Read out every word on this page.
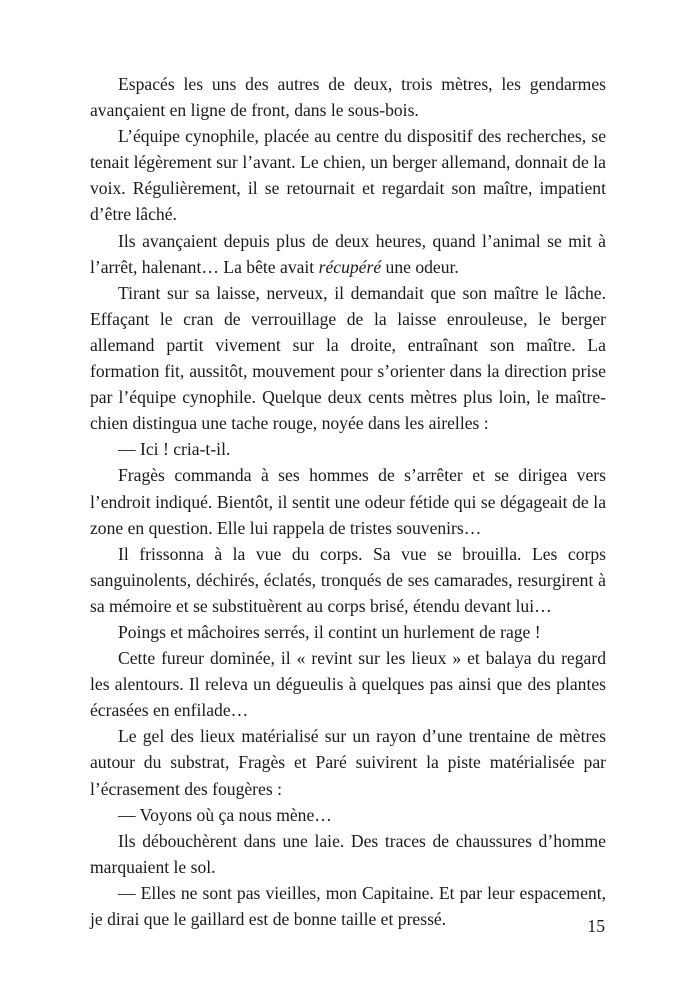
Espacés les uns des autres de deux, trois mètres, les gendarmes avançaient en ligne de front, dans le sous-bois.

L’équipe cynophile, placée au centre du dispositif des recherches, se tenait légèrement sur l’avant. Le chien, un berger allemand, donnait de la voix. Régulièrement, il se retournait et regardait son maître, impatient d’être lâché.

Ils avançaient depuis plus de deux heures, quand l’animal se mit à l’arrêt, halenant… La bête avait récupéré une odeur.

Tirant sur sa laisse, nerveux, il demandait que son maître le lâche. Effaçant le cran de verrouillage de la laisse enrouleuse, le berger allemand partit vivement sur la droite, entraînant son maître. La formation fit, aussitôt, mouvement pour s’orienter dans la direction prise par l’équipe cynophile. Quelque deux cents mètres plus loin, le maître-chien distingua une tache rouge, noyée dans les airelles :

— Ici ! cria-t-il.

Fragès commanda à ses hommes de s’arrêter et se dirigea vers l’endroit indiqué. Bientôt, il sentit une odeur fétide qui se dégageait de la zone en question. Elle lui rappela de tristes souvenirs…

Il frissonna à la vue du corps. Sa vue se brouilla. Les corps sanguinolents, déchirés, éclatés, tronqués de ses camarades, resurgirent à sa mémoire et se substituèrent au corps brisé, étendu devant lui…

Poings et mâchoires serrés, il contint un hurlement de rage !

Cette fureur dominée, il « revint sur les lieux » et balaya du regard les alentours. Il releva un dégueulis à quelques pas ainsi que des plantes écrasées en enfilade…

Le gel des lieux matérialisé sur un rayon d’une trentaine de mètres autour du substrat, Fragès et Paré suivirent la piste matérialisée par l’écrasement des fougères :

— Voyons où ça nous mène…

Ils débouchèrent dans une laie. Des traces de chaussures d’homme marquaient le sol.

— Elles ne sont pas vieilles, mon Capitaine. Et par leur espacement, je dirai que le gaillard est de bonne taille et pressé.	15
